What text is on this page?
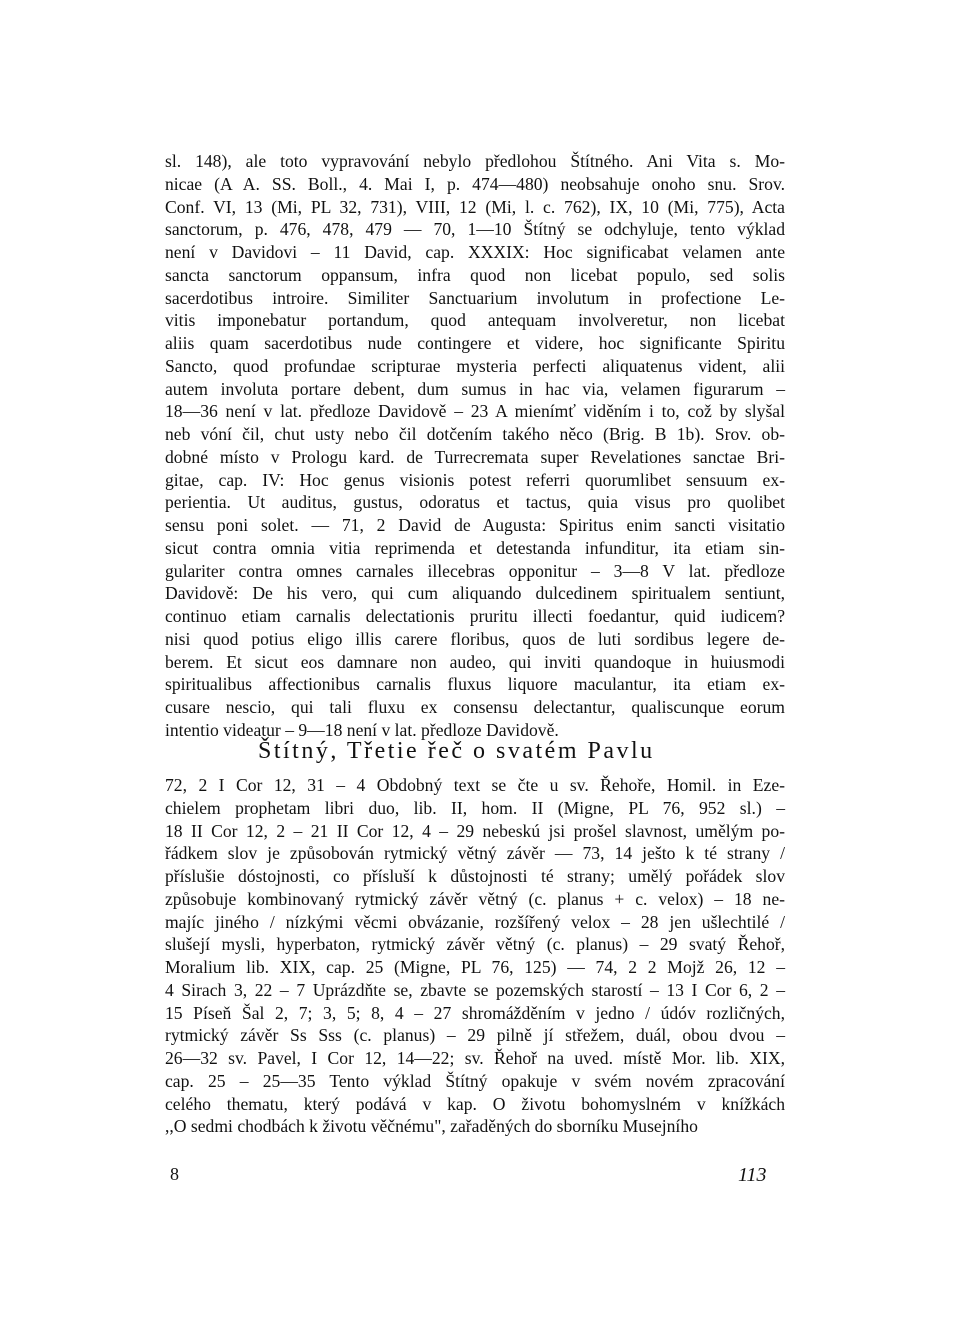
sl. 148), ale toto vypravování nebylo předlohou Štítného. Ani Vita s. Mo-

nicae (A A. SS. Boll., 4. Mai I, p. 474—480) neobsahuje onoho snu. Srov.

Conf. VI, 13 (Mi, PL 32, 731), VIII, 12 (Mi, l. c. 762), IX, 10 (Mi, 775), Acta

sanctorum, p. 476, 478, 479 — 70, 1—10 Štítný se odchyluje, tento výklad

není v Davidovi – 11 David, cap. XXXIX: Hoc significabat velamen ante

sancta sanctorum oppansum, infra quod non licebat populo, sed solis

sacerdotibus introire. Similiter Sanctuarium involutum in profectione Le-

vitis imponebatur portandum, quod antequam involveretur, non licebat

aliis quam sacerdotibus nude contingere et videre, hoc significante Spiritu

Sancto, quod profundae scripturae mysteria perfecti aliquatenus vident, alii

autem involuta portare debent, dum sumus in hac via, velamen figurarum –

18—36 není v lat. předloze Davidově – 23 A mienímť viděním i to, což by slyšal

neb vóní čil, chut usty nebo čil dotčením takého něco (Brig. B 1b). Srov. ob-

dobné místo v Prologu kard. de Turrecremata super Revelationes sanctae Bri-

gitae, cap. IV: Hoc genus visionis potest referri quorumlibet sensuum ex-

perientia. Ut auditus, gustus, odoratus et tactus, quia visus pro quolibet

sensu poni solet. — 71, 2 David de Augusta: Spiritus enim sancti visitatio

sicut contra omnia vitia reprimenda et detestanda infunditur, ita etiam sin-

gulariter contra omnes carnales illecebras opponitur – 3—8 V lat. předloze

Davidově: De his vero, qui cum aliquando dulcedinem spiritualem sentiunt,

continuo etiam carnalis delectationis pruritu illecti foedantur, quid iudicem?

nisi quod potius eligo illis carere floribus, quos de luti sordibus legere de-

berem. Et sicut eos damnare non audeo, qui inviti quandoque in huiusmodi

spiritualibus affectionibus carnalis fluxus liquore maculantur, ita etiam ex-

cusare nescio, qui tali fluxu ex consensu delectantur, qualiscunque eorum

intentio videatur – 9—18 není v lat. předloze Davidově.

Štítný, Třetie řeč o svatém Pavlu

72, 2 I Cor 12, 31 – 4 Obdobný text se čte u sv. Řehoře, Homil. in Eze-

chielem prophetam libri duo, lib. II, hom. II (Migne, PL 76, 952 sl.) –

18 II Cor 12, 2 – 21 II Cor 12, 4 – 29 nebeskú jsi prošel slavnost, umělým po-

řádkem slov je způsobován rytmický větný závěr — 73, 14 ješto k té strany /

příslušie dóstojnosti, co přísluší k důstojnosti té strany; umělý pořádek slov

způsobuje kombinovaný rytmický závěr větný (c. planus + c. velox) – 18 ne-

majíc jiného / nízkými věcmi obvázanie, rozšířený velox – 28 jen ušlechtilé /

slušejí mysli, hyperbaton, rytmický závěr větný (c. planus) – 29 svatý Řehoř,

Moralium lib. XIX, cap. 25 (Migne, PL 76, 125) — 74, 2 2 Mojž 26, 12 –

4 Sirach 3, 22 – 7 Uprázdňte se, zbavte se pozemských starostí – 13 I Cor 6, 2 –

15 Píseň Šal 2, 7; 3, 5; 8, 4 – 27 shromážděním v jedno / údóv rozličných,

rytmický závěr Ss Sss (c. planus) – 29 pilně jí střežem, duál, obou dvou –

26—32 sv. Pavel, I Cor 12, 14—22; sv. Řehoř na uved. místě Mor. lib. XIX,

cap. 25 – 25—35 Tento výklad Štítný opakuje v svém novém zpracování

celého thematu, který podává v kap. O životu bohomyslném v knížkách

,,O sedmi chodbách k životu věčnému", zařaděných do sborníku Musejního

8	113
